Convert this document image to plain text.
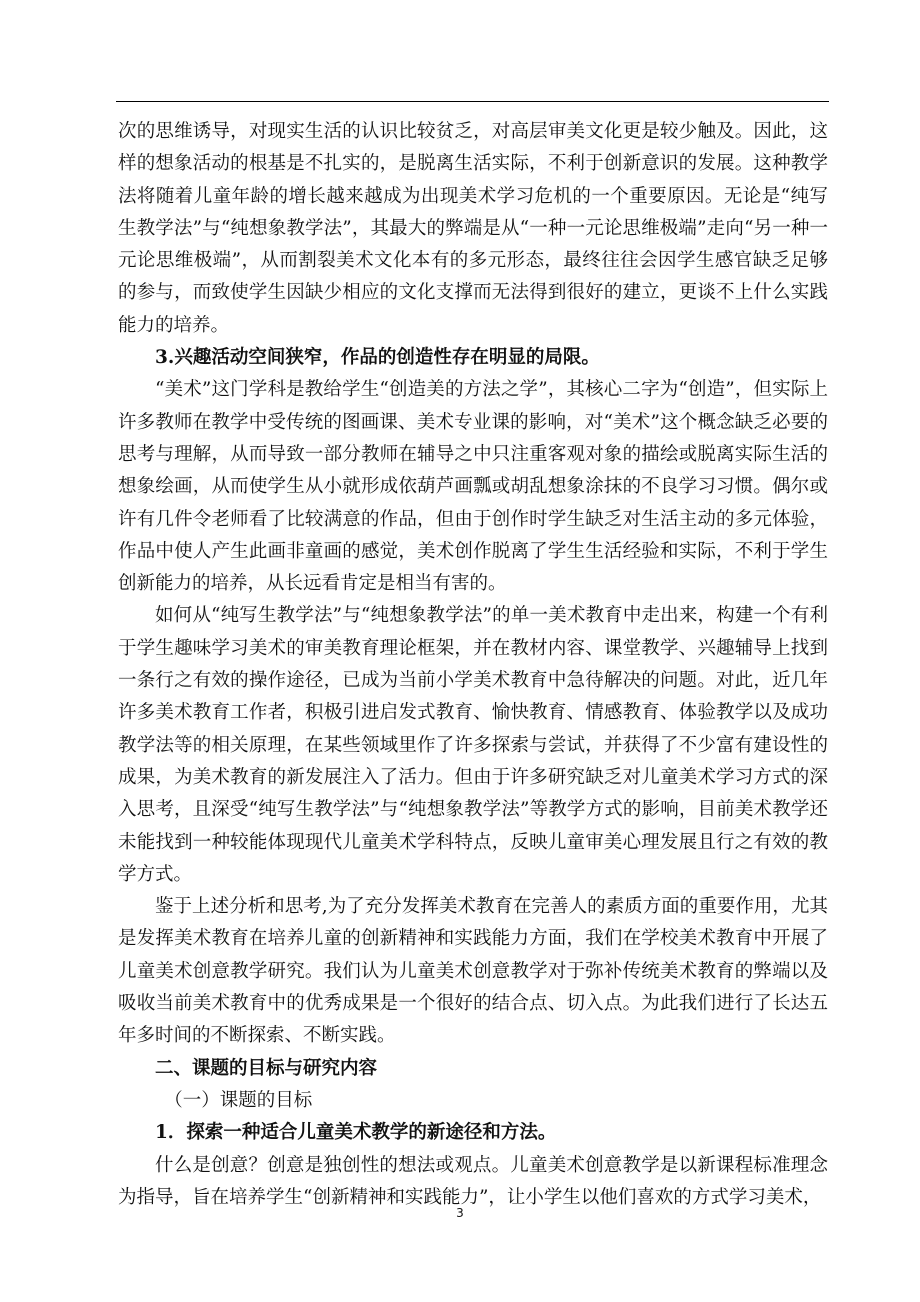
次的思维诱导，对现实生活的认识比较贫乏，对高层审美文化更是较少触及。因此，这样的想象活动的根基是不扎实的，是脱离生活实际，不利于创新意识的发展。这种教学法将随着儿童年龄的增长越来越成为出现美术学习危机的一个重要原因。无论是“纯写生教学法”与“纯想象教学法”，其最大的弊端是从“一种一元论思维极端”走向“另一种一元论思维极端”，从而割裂美术文化本有的多元形态，最终往往会因学生感官缺乏足够的参与，而致使学生因缺少相应的文化支撑而无法得到很好的建立，更谈不上什么实践能力的培养。

3.兴趣活动空间狭窄，作品的创造性存在明显的局限。

“美术”这门学科是教给学生“创造美的方法之学”，其核心二字为“创造”，但实际上许多教师在教学中受传统的图画课、美术专业课的影响，对“美术”这个概念缺乏必要的思考与理解，从而导致一部分教师在辅导之中只注重客观对象的描绘或脱离实际生活的想象绘画，从而使学生从小就形成依葫芦画瓢或胡乱想象涂抹的不良学习习惯。偶尔或许有几件令老师看了比较满意的作品，但由于创作时学生缺乏对生活主动的多元体验，作品中使人产生此画非童画的感觉，美术创作脱离了学生生活经验和实际，不利于学生创新能力的培养，从长远看肯定是相当有害的。

如何从“纯写生教学法”与“纯想象教学法”的单一美术教育中走出来，构建一个有利于学生趣味学习美术的审美教育理论框架，并在教材内容、课堂教学、兴趣辅导上找到一条行之有效的操作途径，已成为当前小学美术教育中急待解决的问题。对此，近几年许多美术教育工作者，积极引进启发式教育、愉快教育、情感教育、体验教学以及成功教学法等的相关原理，在某些领域里作了许多探索与尝试，并获得了不少富有建设性的成果，为美术教育的新发展注入了活力。但由于许多研究缺乏对儿童美术学习方式的深入思考，且深受“纯写生教学法”与“纯想象教学法”等教学方式的影响，目前美术教学还未能找到一种较能体现现代儿童美术学科特点，反映儿童审美心理发展且行之有效的教学方式。

鉴于上述分析和思考,为了充分发挥美术教育在完善人的素质方面的重要作用，尤其是发挥美术教育在培养儿童的创新精神和实践能力方面，我们在学校美术教育中开展了儿童美术创意教学研究。我们认为儿童美术创意教学对于弥补传统美术教育的弊端以及吸收当前美术教育中的优秀成果是一个很好的结合点、切入点。为此我们进行了长达五年多时间的不断探索、不断实践。

二、课题的目标与研究内容

（一）课题的目标

1．探索一种适合儿童美术教学的新途径和方法。

什么是创意？创意是独创性的想法或观点。儿童美术创意教学是以新课程标准理念为指导，旨在培养学生“创新精神和实践能力”，让小学生以他们喜欢的方式学习美术，

3
